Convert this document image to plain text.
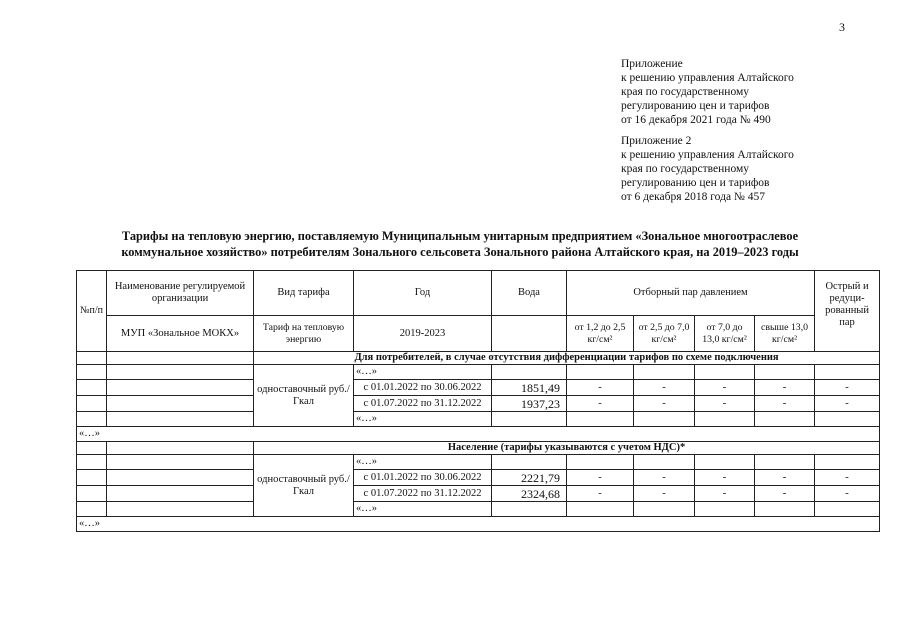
3
Приложение
к решению управления Алтайского
края по государственному
регулированию цен и тарифов
от 16 декабря 2021 года № 490
Приложение 2
к решению управления Алтайского
края по государственному
регулированию цен и тарифов
от 6 декабря 2018 года № 457
Тарифы на тепловую энергию, поставляемую Муниципальным унитарным предприятием «Зональное многоотраслевое
коммунальное хозяйство» потребителям Зонального сельсовета Зонального района Алтайского края, на 2019–2023 годы
№п/п	Наименование регулируемой организации	Вид тарифа	Год	Вода	Отборный пар давлением				Острый и редуци-рованный пар	
	МУП «Зональное МОКХ»	Тариф на тепловую энергию	2019-2023		от 1,2 до 2,5 кг/см²	от 2,5 до 7,0 кг/см²	от 7,0 до 13,0 кг/см²	свыше 13,0 кг/см²		
		Для потребителей, в случае отсутствия дифференциации тарифов по схеме подключения								
		одноставочный руб./Гкал	«…»							
			с 01.01.2022 по 30.06.2022	1851,49	-	-	-	-	-	
			с 01.07.2022 по 31.12.2022	1937,23	-	-	-	-	-	
			«…»							
«…»										
		Население (тарифы указываются с учетом НДС)*								
		одноставочный руб./Гкал	«…»							
			с 01.01.2022 по 30.06.2022	2221,79	-	-	-	-	-	
			с 01.07.2022 по 31.12.2022	2324,68	-	-	-	-	-	
			«…»							
«…»										
